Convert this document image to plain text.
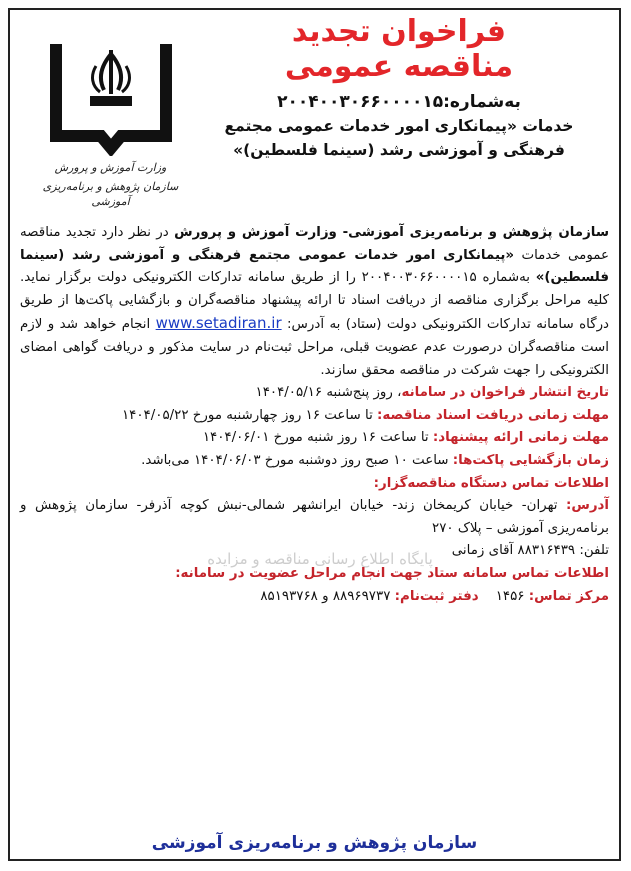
فراخوان تجدید
مناقصه عمومی
به‌شماره:۲۰۰۴۰۰۳۰۶۶۰۰۰۰۱۵
خدمات «پیمانکاری امور خدمات عمومی مجتمع
فرهنگی و آموزشی رشد (سینما فلسطین)»
وزارت آموزش و پرورش
سازمان پژوهش و برنامه‌ریزی آموزشی
پایگاه اطلاع رسانی مناقصه و مزایده

سازمان پژوهش و برنامه‌ریزی آموزشی- وزارت آموزش و پرورش در نظر دارد تجدید مناقصه عمومی خدمات «پیمانکاری امور خدمات عمومی مجتمع فرهنگی و آموزشی رشد (سینما فلسطین)» به‌شماره ۲۰۰۴۰۰۳۰۶۶۰۰۰۰۱۵ را از طریق سامانه تدارکات الکترونیکی دولت برگزار نماید. کلیه مراحل برگزاری مناقصه از دریافت اسناد تا ارائه پیشنهاد مناقصه‌گران و بازگشایی پاکت‌ها از طریق درگاه سامانه تدارکات الکترونیکی دولت (ستاد) به آدرس: www.setadiran.ir انجام خواهد شد و لازم است مناقصه‌گران درصورت عدم عضویت قبلی، مراحل ثبت‌نام در سایت مذکور و دریافت گواهی امضای الکترونیکی را جهت شرکت در مناقصه محقق سازند.

تاریخ انتشار فراخوان در سامانه، روز پنج‌شنبه ۱۴۰۴/۰۵/۱۶

مهلت زمانی دریافت اسناد مناقصه: تا ساعت ۱۶ روز چهارشنبه مورخ ۱۴۰۴/۰۵/۲۲

مهلت زمانی ارائه پیشنهاد: تا ساعت ۱۶ روز شنبه مورخ ۱۴۰۴/۰۶/۰۱

زمان بازگشایی پاکت‌ها: ساعت ۱۰ صبح روز دوشنبه مورخ ۱۴۰۴/۰۶/۰۳ می‌باشد.

اطلاعات تماس دستگاه مناقصه‌گزار:

آدرس: تهران- خیابان کریمخان زند- خیابان ایرانشهر شمالی-نبش کوچه آذرفر- سازمان پژوهش و برنامه‌ریزی آموزشی – پلاک ۲۷۰

تلفن: ۸۸۳۱۶۴۳۹ آقای زمانی

اطلاعات تماس سامانه ستاد جهت انجام مراحل عضویت در سامانه:

مرکز تماس: ۱۴۵۶    دفتر ثبت‌نام: ۸۸۹۶۹۷۳۷ و ۸۵۱۹۳۷۶۸

سازمان پژوهش و برنامه‌ریزی آموزشی
